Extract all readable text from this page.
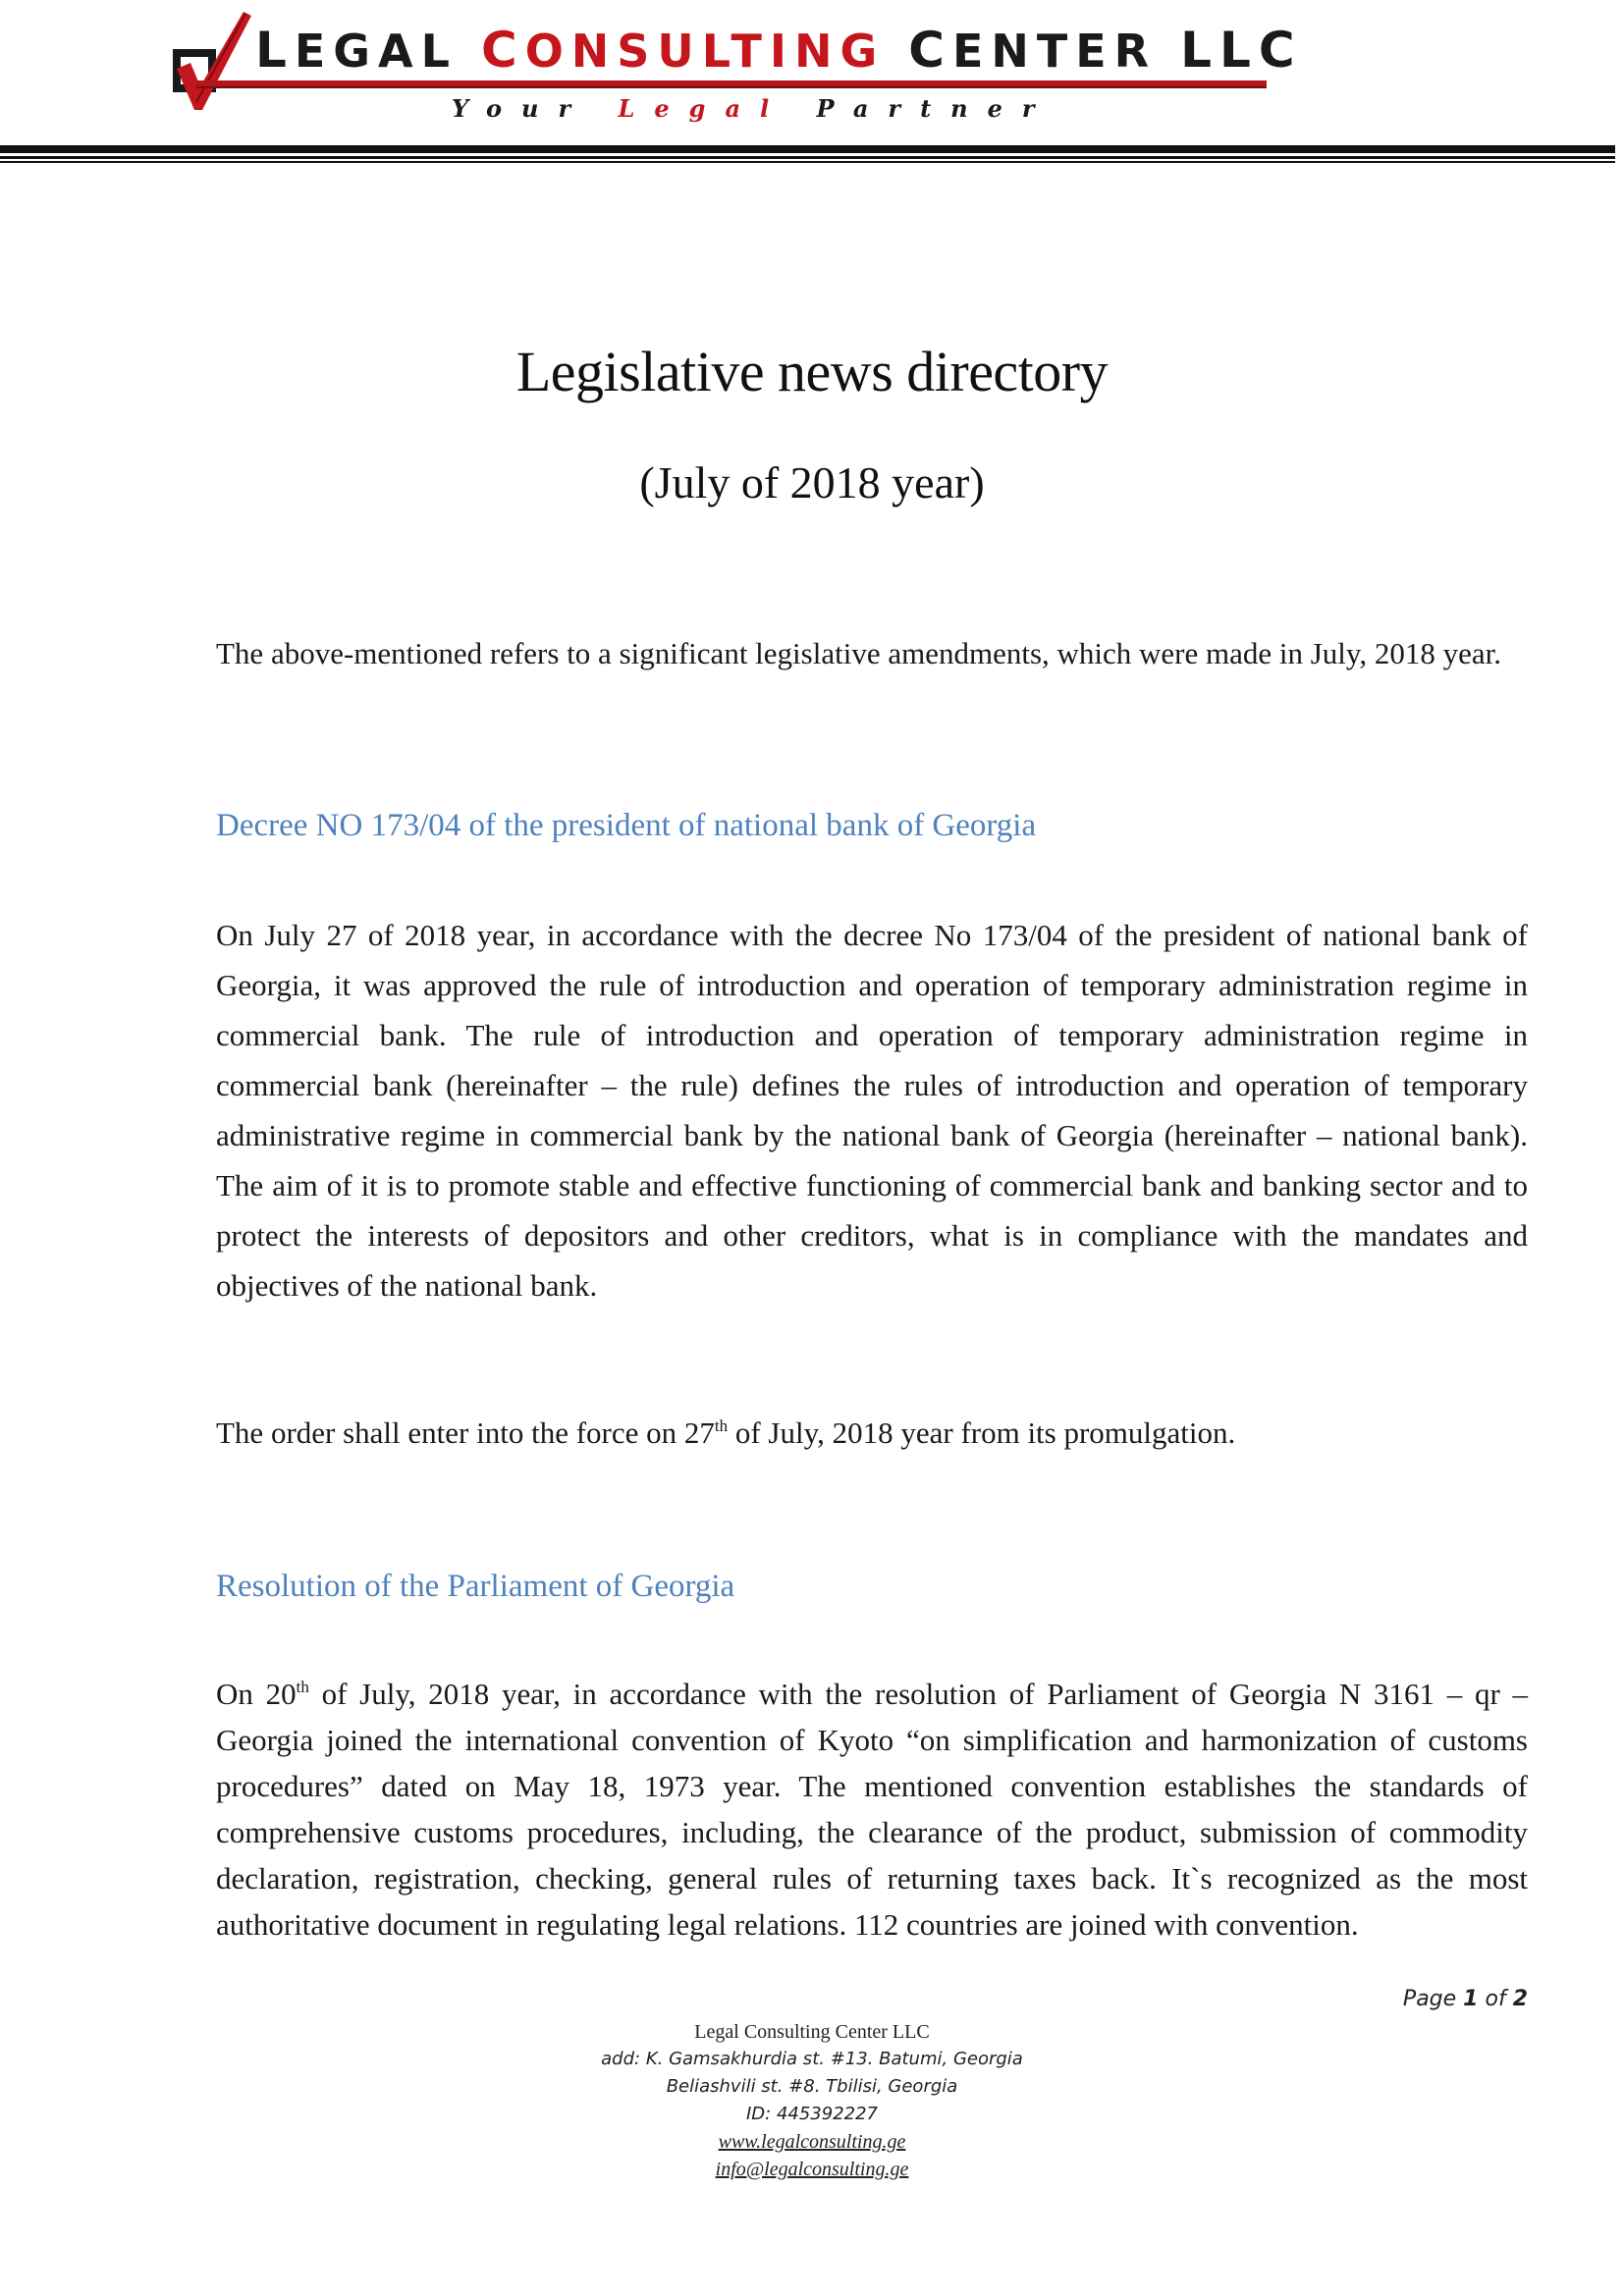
LEGAL CONSULTING CENTER LLC
Your Legal Partner
Legislative news directory
(July of 2018 year)

The above-mentioned refers to a significant legislative amendments, which were made in July, 2018 year.

Decree NO 173/04 of the president of national bank of Georgia

On July 27 of 2018 year, in accordance with the decree No 173/04 of the president of national bank of Georgia, it was approved the rule of introduction and operation of temporary administration regime in commercial bank. The rule of introduction and operation of temporary administration regime in commercial bank (hereinafter – the rule) defines the rules of introduction and operation of temporary administrative regime in commercial bank by the national bank of Georgia (hereinafter – national bank). The aim of it is to promote stable and effective functioning of commercial bank and banking sector and to protect the interests of depositors and other creditors, what is in compliance with the mandates and objectives of the national bank.

The order shall enter into the force on 27th of July, 2018 year from its promulgation.

Resolution of the Parliament of Georgia

On 20th of July, 2018 year, in accordance with the resolution of Parliament of Georgia N 3161 – qr – Georgia joined the international convention of Kyoto “on simplification and harmonization of customs procedures” dated on May 18, 1973 year. The mentioned convention establishes the standards of comprehensive customs procedures, including, the clearance of the product, submission of commodity declaration, registration, checking, general rules of returning taxes back. It`s recognized as the most authoritative document in regulating legal relations. 112 countries are joined with convention.

Page 1 of 2
Legal Consulting Center LLC
add: K. Gamsakhurdia st. #13. Batumi, Georgia
Beliashvili st. #8. Tbilisi, Georgia
ID: 445392227
www.legalconsulting.ge
info@legalconsulting.ge
